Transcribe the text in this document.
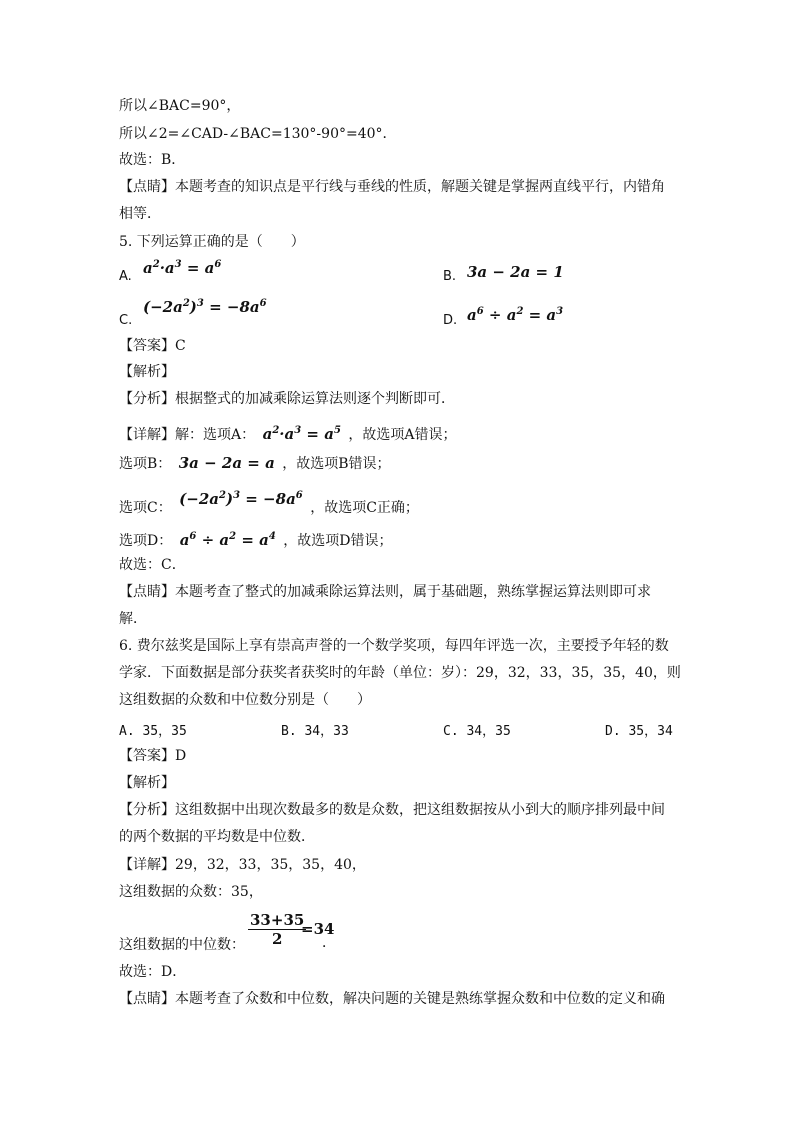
所以∠BAC=90°，
所以∠2=∠CAD-∠BAC=130°-90°=40°．
故选：B．
【点睛】本题考查的知识点是平行线与垂线的性质，解题关键是掌握两直线平行，内错角
相等．
5. 下列运算正确的是（　　）
A. $a^2\cdot a^3 = a^6$
B. 3a − 2a = 1
C.
$(-2a^2)^3 = -8a^6$
D. $a^6 \div a^2 = a^3$
【答案】C
【解析】
【分析】根据整式的加减乘除运算法则逐个判断即可．
【详解】解：选项A： $a^2\cdot a^3 = a^5$ ，故选项A错误；
选项B： 3a − 2a = a ，故选项B错误；
选项C： $(-2a^2)^3 = -8a^6$ ，故选项C正确；
选项D： $a^6 \div a^2 = a^4$ ，故选项D错误；
故选：C．
【点睛】本题考查了整式的加减乘除运算法则，属于基础题，熟练掌握运算法则即可求
解．
6. 费尔兹奖是国际上享有崇高声誉的一个数学奖项，每四年评选一次，主要授予年轻的数
学家．下面数据是部分获奖者获奖时的年龄（单位：岁）：29，32，33，35，35，40，则
这组数据的众数和中位数分别是（　　）
A. 35，35	B. 34，33	C. 34，35	D. 35，34
【答案】D
【解析】
【分析】这组数据中出现次数最多的数是众数，把这组数据按从小到大的顺序排列最中间
的两个数据的平均数是中位数．
【详解】29，32，33，35，35，40，
这组数据的众数：35，
这组数据的中位数： $\frac{33+35}{2}$
=34
．
故选：D．
【点睛】本题考查了众数和中位数，解决问题的关键是熟练掌握众数和中位数的定义和确
